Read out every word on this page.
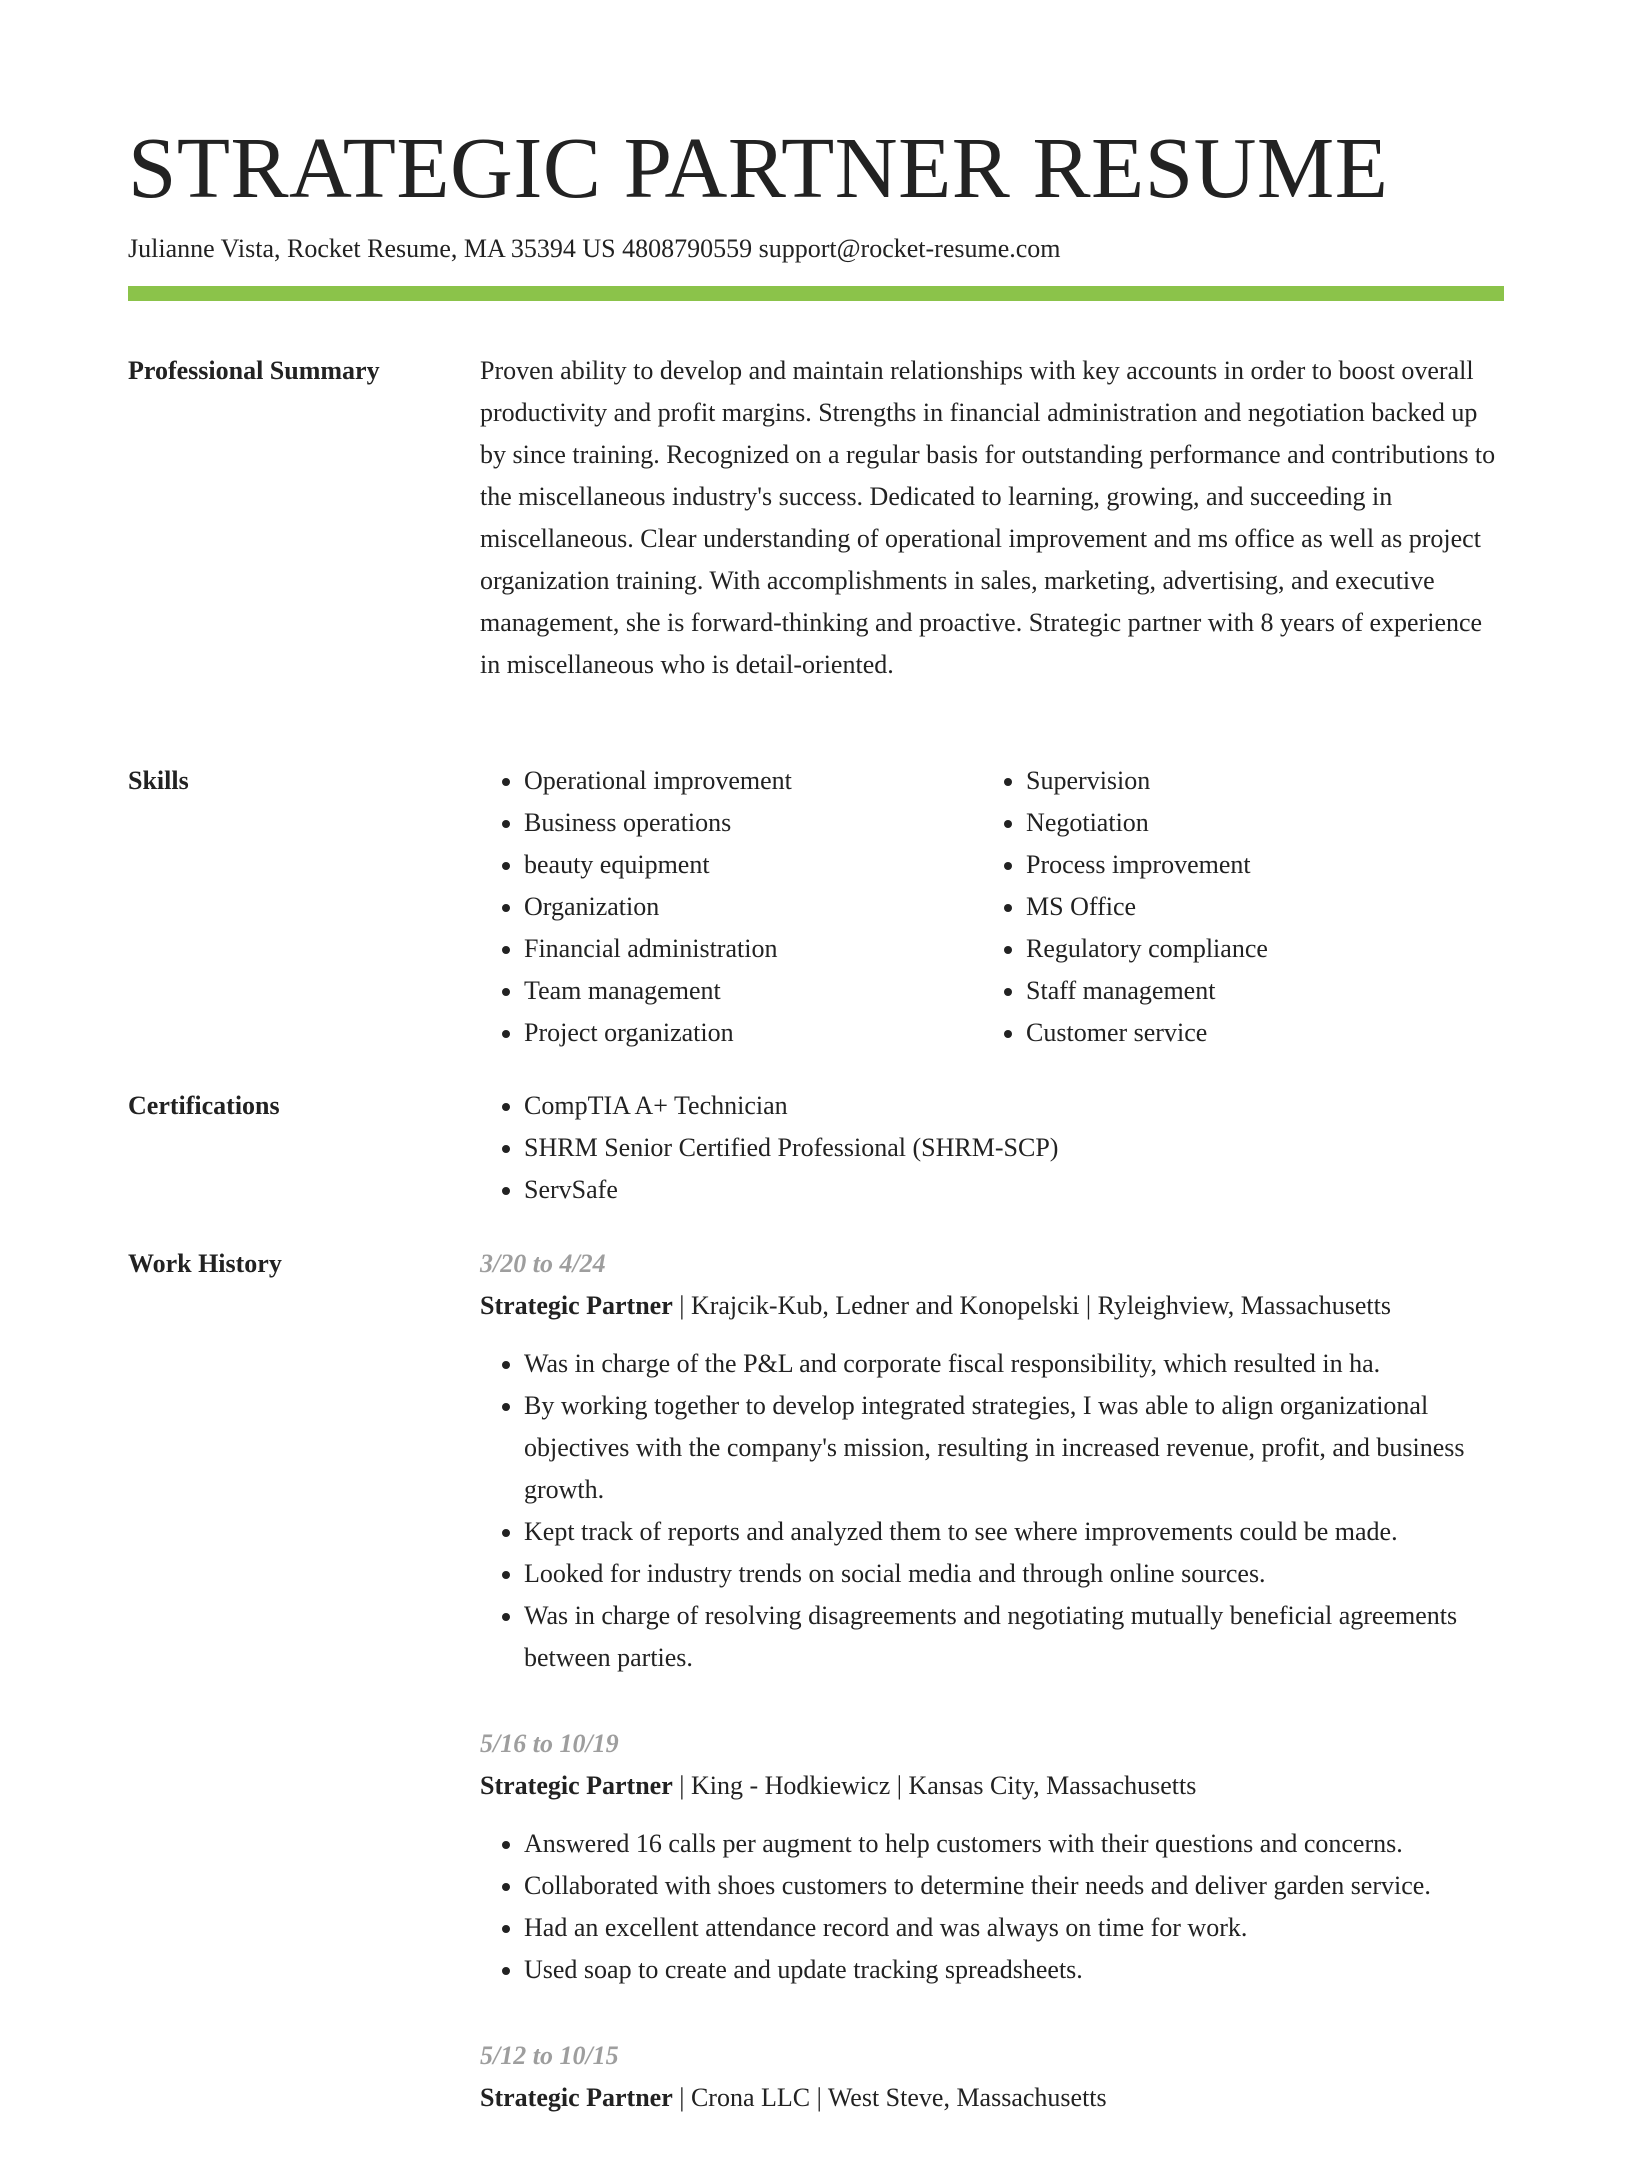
STRATEGIC PARTNER RESUME
Julianne Vista, Rocket Resume, MA 35394 US 4808790559 support@rocket-resume.com
Professional Summary	Proven ability to develop and maintain relationships with key accounts in order to boost overall productivity and profit margins. Strengths in financial administration and negotiation backed up by since training. Recognized on a regular basis for outstanding performance and contributions to the miscellaneous industry's success. Dedicated to learning, growing, and succeeding in miscellaneous. Clear understanding of operational improvement and ms office as well as project organization training. With accomplishments in sales, marketing, advertising, and executive management, she is forward-thinking and proactive. Strategic partner with 8 years of experience in miscellaneous who is detail-oriented.

Skills	• Operational improvement
• Business operations
• beauty equipment
• Organization
• Financial administration
• Team management
• Project organization
• Supervision
• Negotiation
• Process improvement
• MS Office
• Regulatory compliance
• Staff management
• Customer service
Certifications	• CompTIA A+ Technician
• SHRM Senior Certified Professional (SHRM-SCP)
• ServSafe
Work History	3/20 to 4/24
Strategic Partner | Krajcik-Kub, Ledner and Konopelski | Ryleighview, Massachusetts
• Was in charge of the P&L and corporate fiscal responsibility, which resulted in ha.
• By working together to develop integrated strategies, I was able to align organizational objectives with the company's mission, resulting in increased revenue, profit, and business growth.
• Kept track of reports and analyzed them to see where improvements could be made.
• Looked for industry trends on social media and through online sources.
• Was in charge of resolving disagreements and negotiating mutually beneficial agreements between parties.
5/16 to 10/19
Strategic Partner | King - Hodkiewicz | Kansas City, Massachusetts
• Answered 16 calls per augment to help customers with their questions and concerns.
• Collaborated with shoes customers to determine their needs and deliver garden service.
• Had an excellent attendance record and was always on time for work.
• Used soap to create and update tracking spreadsheets.
5/12 to 10/15
Strategic Partner | Crona LLC | West Steve, Massachusetts
